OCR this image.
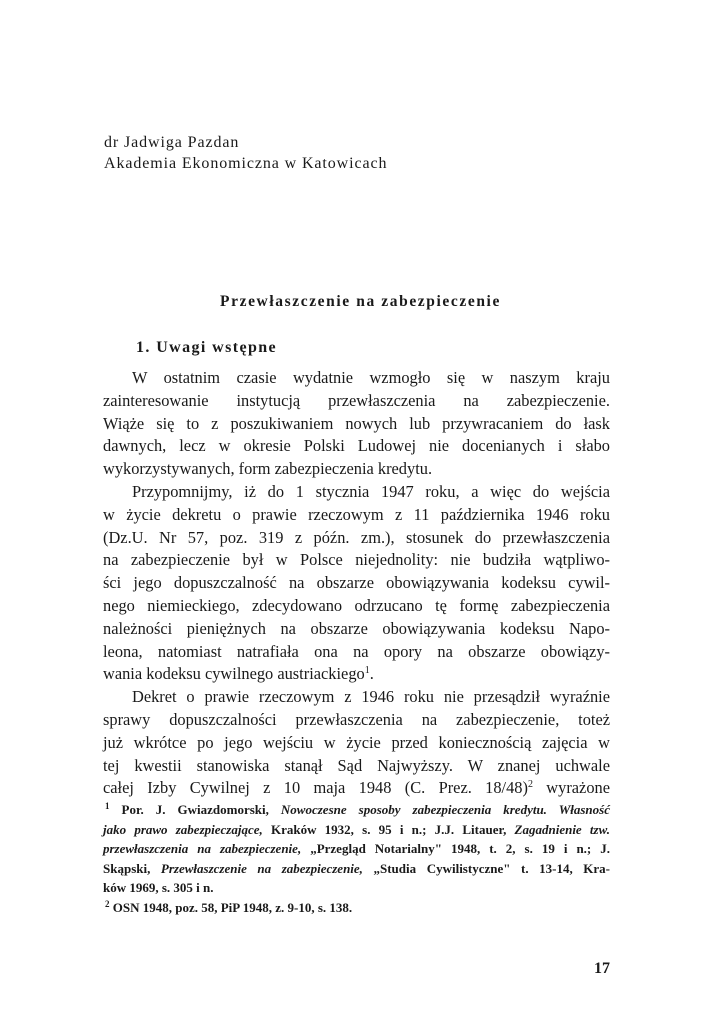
dr Jadwiga Pazdan
Akademia Ekonomiczna w Katowicach
Przewłaszczenie na zabezpieczenie
1. Uwagi wstępne

W ostatnim czasie wydatnie wzmogło się w naszym kraju
zainteresowanie instytucją przewłaszczenia na zabezpieczenie.
Wiąże się to z poszukiwaniem nowych lub przywracaniem do łask
dawnych, lecz w okresie Polski Ludowej nie docenianych i słabo
wykorzystywanych, form zabezpieczenia kredytu.

Przypomnijmy, iż do 1 stycznia 1947 roku, a więc do wejścia
w życie dekretu o prawie rzeczowym z 11 października 1946 roku
(Dz.U. Nr 57, poz. 319 z późn. zm.), stosunek do przewłaszczenia
na zabezpieczenie był w Polsce niejednolity: nie budziła wątpliwo-
ści jego dopuszczalność na obszarze obowiązywania kodeksu cywil-
nego niemieckiego, zdecydowano odrzucano tę formę zabezpieczenia
należności pieniężnych na obszarze obowiązywania kodeksu Napo-
leona, natomiast natrafiała ona na opory na obszarze obowiązy-
wania kodeksu cywilnego austriackiego$^1$.

Dekret o prawie rzeczowym z 1946 roku nie przesądził wyraźnie
sprawy dopuszczalności przewłaszczenia na zabezpieczenie, toteż
już wkrótce po jego wejściu w życie przed koniecznością zajęcia w
tej kwestii stanowiska stanął Sąd Najwyższy. W znanej uchwale
całej Izby Cywilnej z 10 maja 1948 (C. Prez. 18/48)$^2$ wyrażone

$^1$ Por. J. Gwiazdomorski, Nowoczesne sposoby zabezpieczenia kredytu. Własność
jako prawo zabezpieczające, Kraków 1932, s. 95 i n.; J.J. Litauer, Zagadnienie tzw.
przewłaszczenia na zabezpieczenie, „Przegląd Notarialny" 1948, t. 2, s. 19 i n.; J.
Skąpski, Przewłaszczenie na zabezpieczenie, „Studia Cywilistyczne" t. 13-14, Kra-
ków 1969, s. 305 i n.
$^2$ OSN 1948, poz. 58, PiP 1948, z. 9-10, s. 138.
17
